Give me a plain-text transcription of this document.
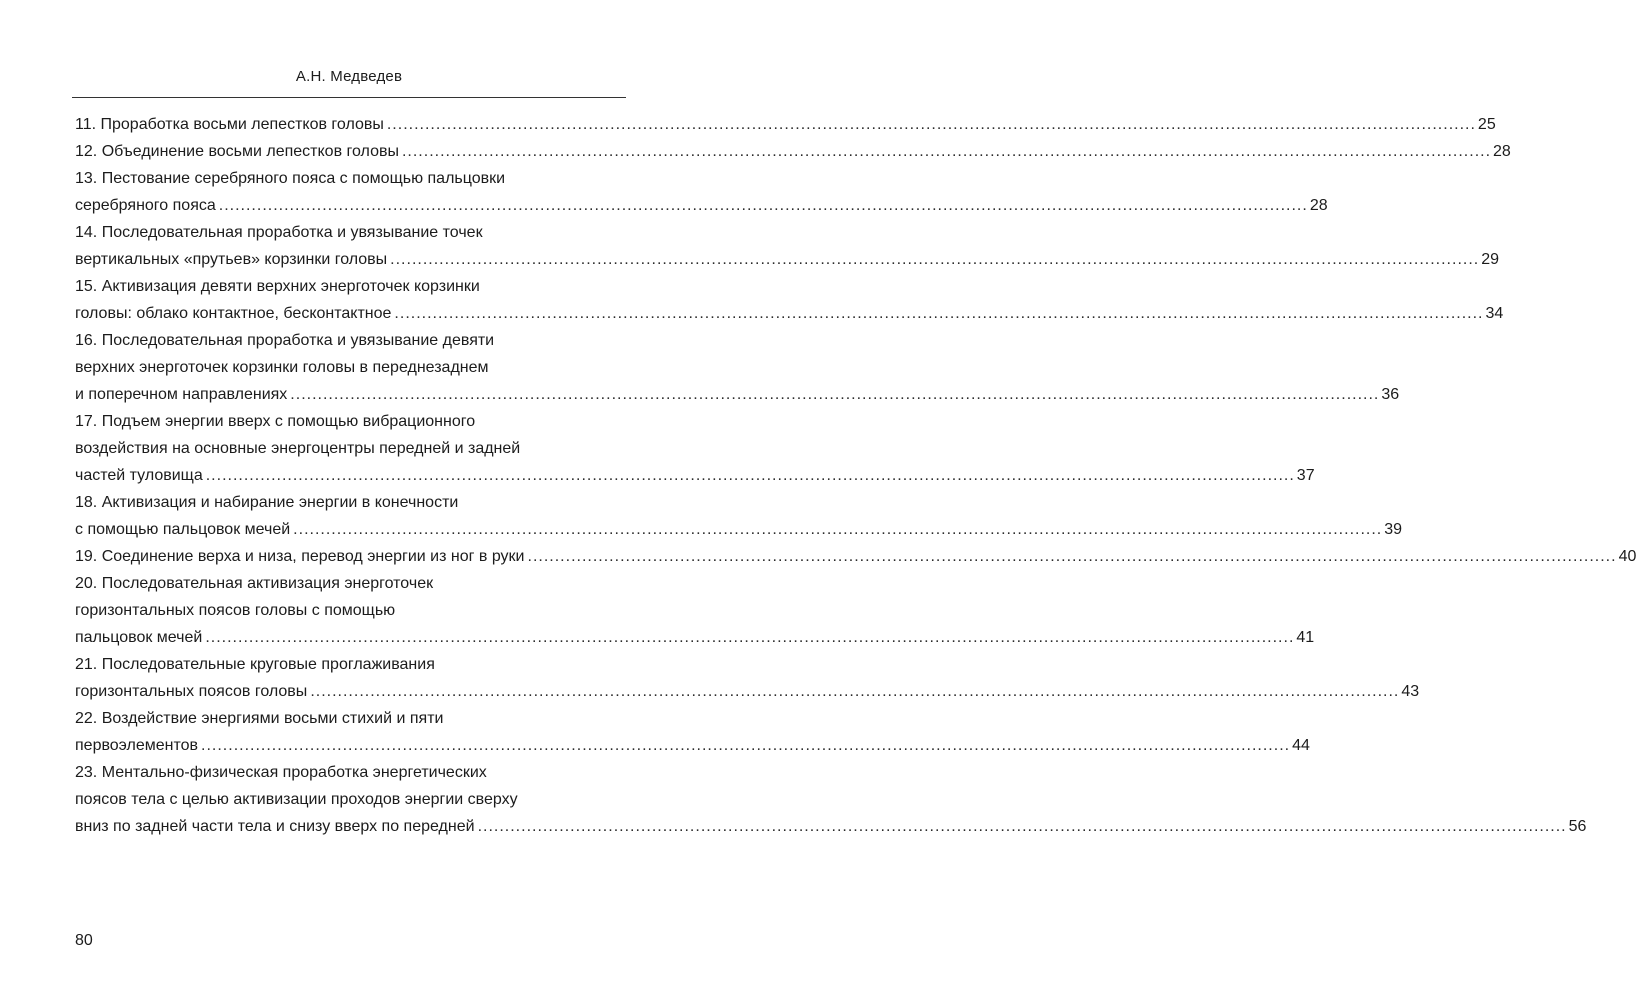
А.Н. Медведев
11. Проработка восьми лепестков головы ........................................................................................................................................................................................................ 25
12. Объединение восьми лепестков головы ........................................................................................................................................................................................................ 28
13. Пестование серебряного пояса с помощью пальцовки
серебряного пояса ........................................................................................................................................................................................................ 28
14. Последовательная проработка и увязывание точек
вертикальных «прутьев» корзинки головы ........................................................................................................................................................................................................ 29
15. Активизация девяти верхних энерготочек корзинки
головы: облако контактное, бесконтактное ........................................................................................................................................................................................................ 34
16. Последовательная проработка и увязывание девяти
верхних энерготочек корзинки головы в переднезаднем
и поперечном направлениях ........................................................................................................................................................................................................ 36
17. Подъем энергии вверх с помощью вибрационного
воздействия на основные энергоцентры передней и задней
частей туловища ........................................................................................................................................................................................................ 37
18. Активизация и набирание энергии в конечности
с помощью пальцовок мечей ........................................................................................................................................................................................................ 39
19. Соединение верха и низа, перевод энергии из ног в руки ........................................................................................................................................................................................................ 40
20. Последовательная активизация энерготочек
горизонтальных поясов головы с помощью
пальцовок мечей ........................................................................................................................................................................................................ 41
21. Последовательные круговые проглаживания
горизонтальных поясов головы ........................................................................................................................................................................................................ 43
22. Воздействие энергиями восьми стихий и пяти
первоэлементов ........................................................................................................................................................................................................ 44
23. Ментально-физическая проработка энергетических
поясов тела с целью активизации проходов энергии сверху
вниз по задней части тела и снизу вверх по передней ........................................................................................................................................................................................................ 56
80
